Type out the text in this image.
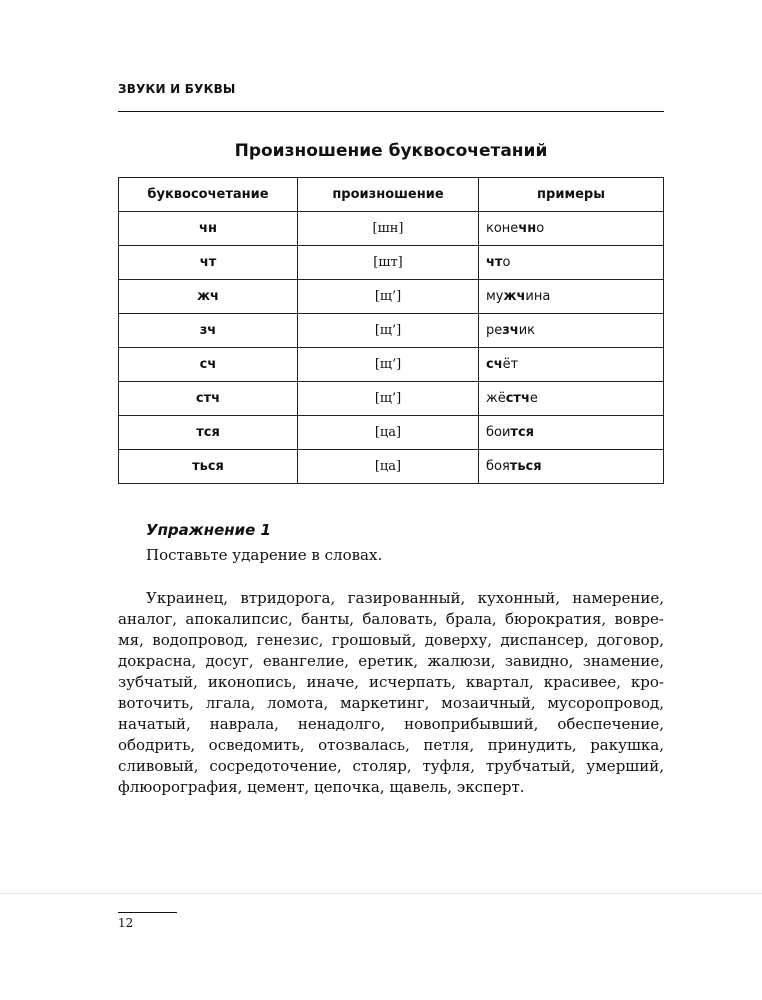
ЗВУКИ И БУКВЫ
Произношение буквосочетаний
буквосочетание	произношение	примеры
чн	[шн]	конечно
чт	[шт]	что
жч	[щ’]	мужчина
зч	[щ’]	резчик
сч	[щ’]	счёт
стч	[щ’]	жёстче
тся	[ца]	боится
ться	[ца]	бояться
Упражнение 1
Поставьте ударение в словах.
Украинец, втридорога, газированный, кухонный, намерение, аналог, апокалипсис, банты, баловать, брала, бюрократия, вовре-мя, водопровод, генезис, грошовый, доверху, диспансер, договор, докрасна, досуг, евангелие, еретик, жалюзи, завидно, знамение, зубчатый, иконопись, иначе, исчерпать, квартал, красивее, кро-воточить, лгала, ломота, маркетинг, мозаичный, мусоропровод, начатый, наврала, ненадолго, новоприбывший, обеспечение, ободрить, осведомить, отозвалась, петля, принудить, ракушка, сливовый, сосредоточение, столяр, туфля, трубчатый, умерший, флюорография, цемент, цепочка, щавель, эксперт.
12
